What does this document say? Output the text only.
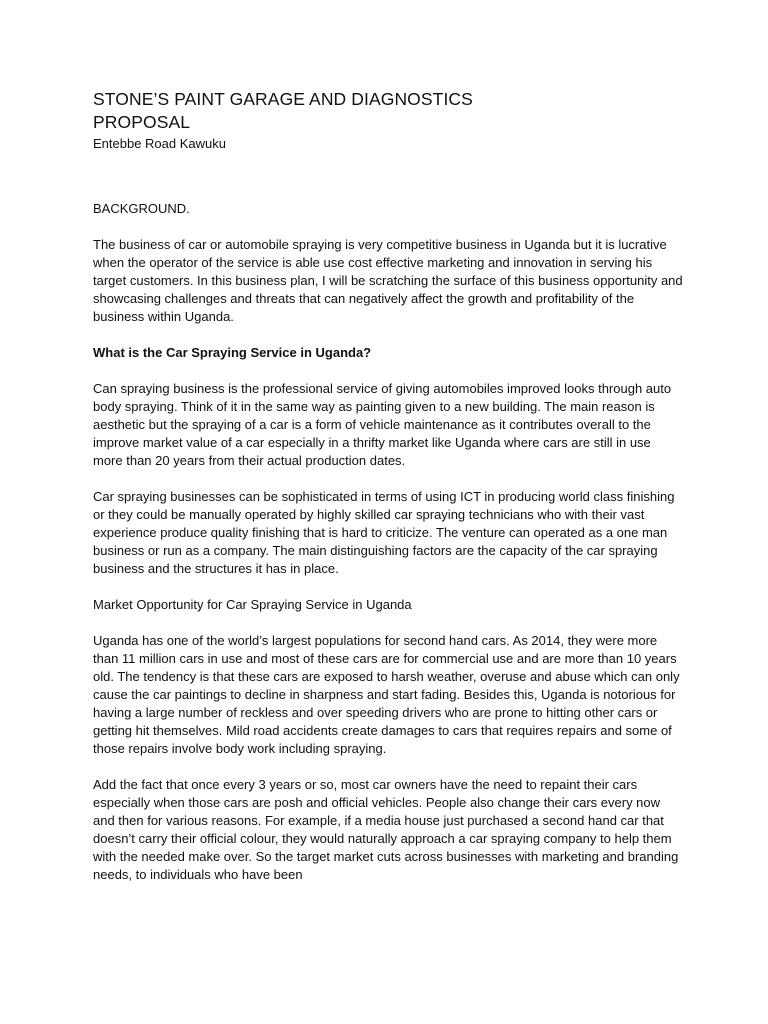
STONE’S PAINT GARAGE AND DIAGNOSTICS

PROPOSAL

Entebbe Road Kawuku

BACKGROUND.

The business of car or automobile spraying is very competitive business in Uganda but it is lucrative when the operator of the service is able use cost effective marketing and innovation in serving his target customers. In this business plan, I will be scratching the surface of this business opportunity and showcasing challenges and threats that can negatively affect the growth and profitability of the business within Uganda.

What is the Car Spraying Service in Uganda?

Can spraying business is the professional service of giving automobiles improved looks through auto body spraying. Think of it in the same way as painting given to a new building. The main reason is aesthetic but the spraying of a car is a form of vehicle maintenance as it contributes overall to the improve market value of a car especially in a thrifty market like Uganda where cars are still in use more than 20 years from their actual production dates.

Car spraying businesses can be sophisticated in terms of using ICT in producing world class finishing or they could be manually operated by highly skilled car spraying technicians who with their vast experience produce quality finishing that is hard to criticize. The venture can operated as a one man business or run as a company. The main distinguishing factors are the capacity of the car spraying business and the structures it has in place.

Market Opportunity for Car Spraying Service in Uganda

Uganda has one of the world’s largest populations for second hand cars. As 2014, they were more than 11 million cars in use and most of these cars are for commercial use and are more than 10 years old. The tendency is that these cars are exposed to harsh weather, overuse and abuse which can only cause the car paintings to decline in sharpness and start fading. Besides this, Uganda is notorious for having a large number of reckless and over speeding drivers who are prone to hitting other cars or getting hit themselves. Mild road accidents create damages to cars that requires repairs and some of those repairs involve body work including spraying.

Add the fact that once every 3 years or so, most car owners have the need to repaint their cars especially when those cars are posh and official vehicles. People also change their cars every now and then for various reasons. For example, if a media house just purchased a second hand car that doesn’t carry their official colour, they would naturally approach a car spraying company to help them with the needed make over. So the target market cuts across businesses with marketing and branding needs, to individuals who have been
